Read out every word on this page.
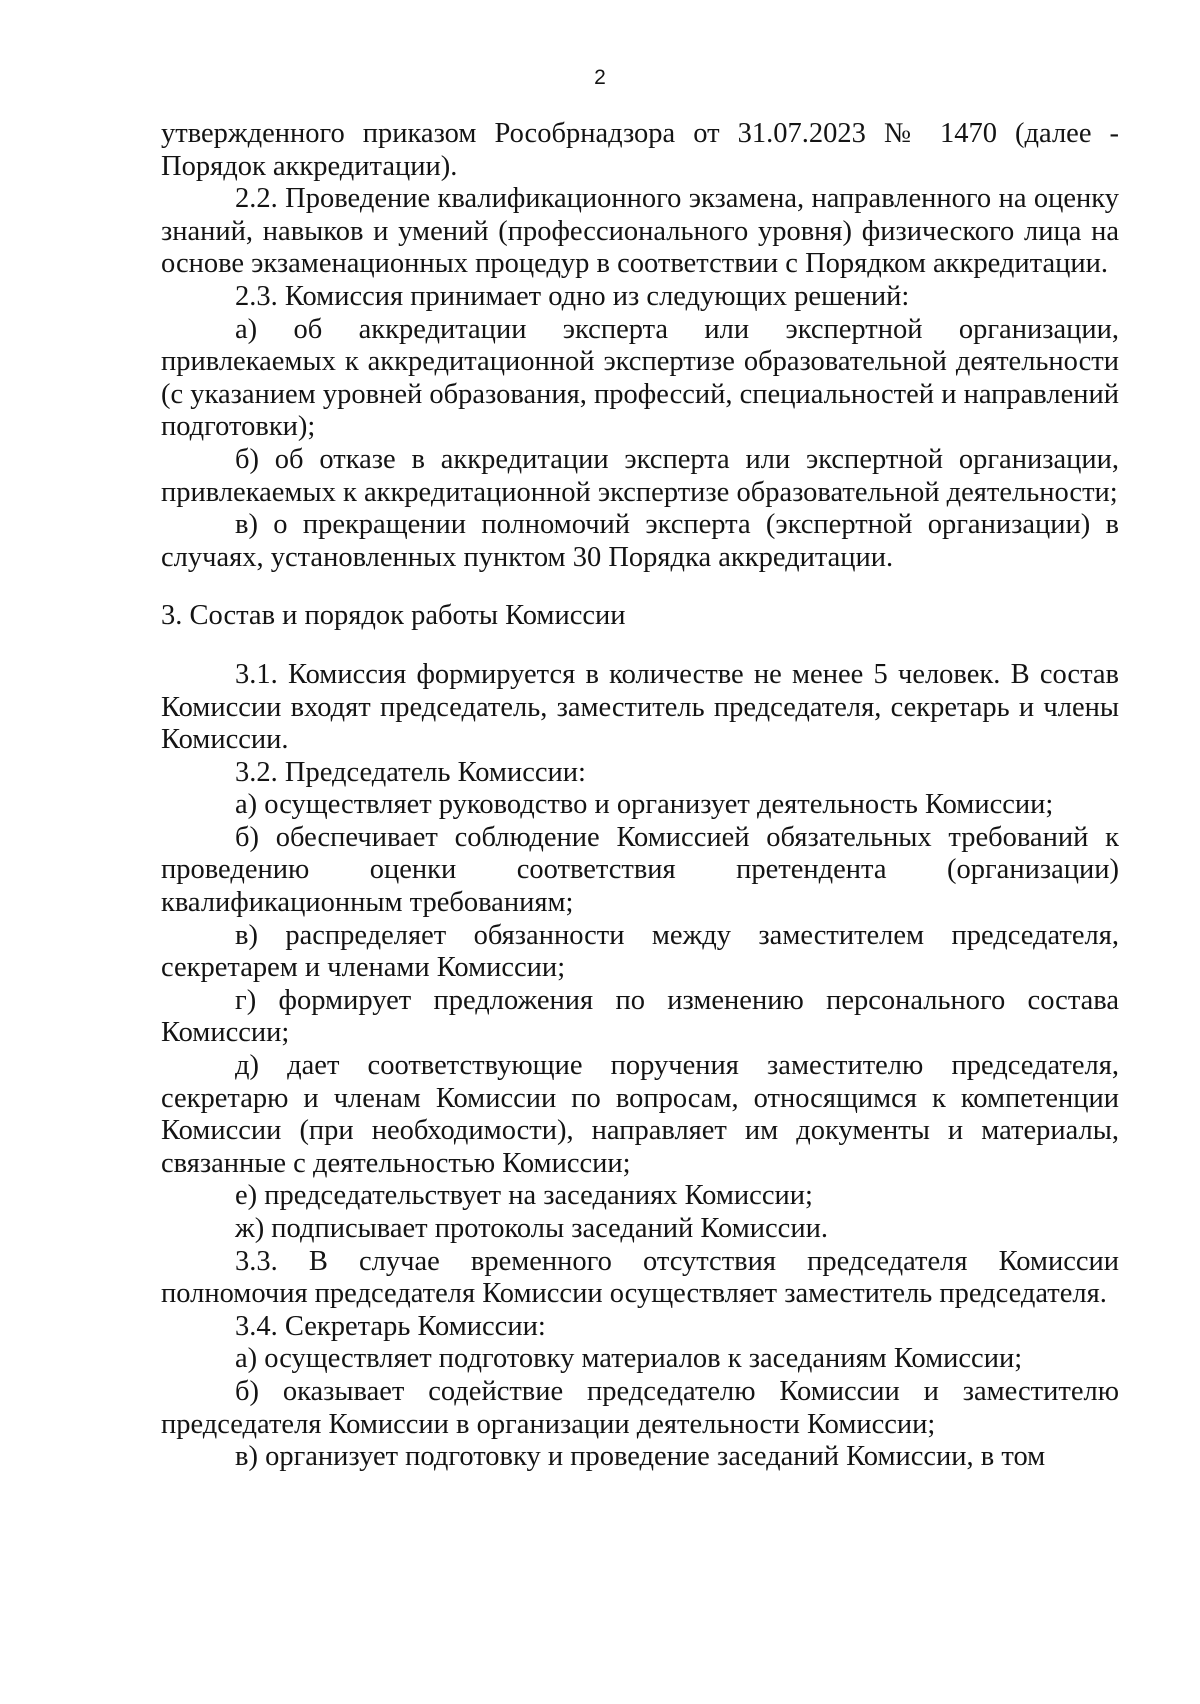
2

утвержденного приказом Рособрнадзора от 31.07.2023 № 1470 (далее - Порядок аккредитации).

2.2. Проведение квалификационного экзамена, направленного на оценку знаний, навыков и умений (профессионального уровня) физического лица на основе экзаменационных процедур в соответствии с Порядком аккредитации.

2.3. Комиссия принимает одно из следующих решений:

а) об аккредитации эксперта или экспертной организации, привлекаемых к аккредитационной экспертизе образовательной деятельности (с указанием уровней образования, профессий, специальностей и направлений подготовки);

б) об отказе в аккредитации эксперта или экспертной организации, привлекаемых к аккредитационной экспертизе образовательной деятельности;

в) о прекращении полномочий эксперта (экспертной организации) в случаях, установленных пунктом 30 Порядка аккредитации.

3. Состав и порядок работы Комиссии

3.1. Комиссия формируется в количестве не менее 5 человек. В состав Комиссии входят председатель, заместитель председателя, секретарь и члены Комиссии.

3.2. Председатель Комиссии:

а) осуществляет руководство и организует деятельность Комиссии;

б) обеспечивает соблюдение Комиссией обязательных требований к проведению оценки соответствия претендента (организации) квалификационным требованиям;

в) распределяет обязанности между заместителем председателя, секретарем и членами Комиссии;

г) формирует предложения по изменению персонального состава Комиссии;

д) дает соответствующие поручения заместителю председателя, секретарю и членам Комиссии по вопросам, относящимся к компетенции Комиссии (при необходимости), направляет им документы и материалы, связанные с деятельностью Комиссии;

е) председательствует на заседаниях Комиссии;

ж) подписывает протоколы заседаний Комиссии.

3.3. В случае временного отсутствия председателя Комиссии полномочия председателя Комиссии осуществляет заместитель председателя.

3.4. Секретарь Комиссии:

а) осуществляет подготовку материалов к заседаниям Комиссии;

б) оказывает содействие председателю Комиссии и заместителю председателя Комиссии в организации деятельности Комиссии;

в) организует подготовку и проведение заседаний Комиссии, в том
